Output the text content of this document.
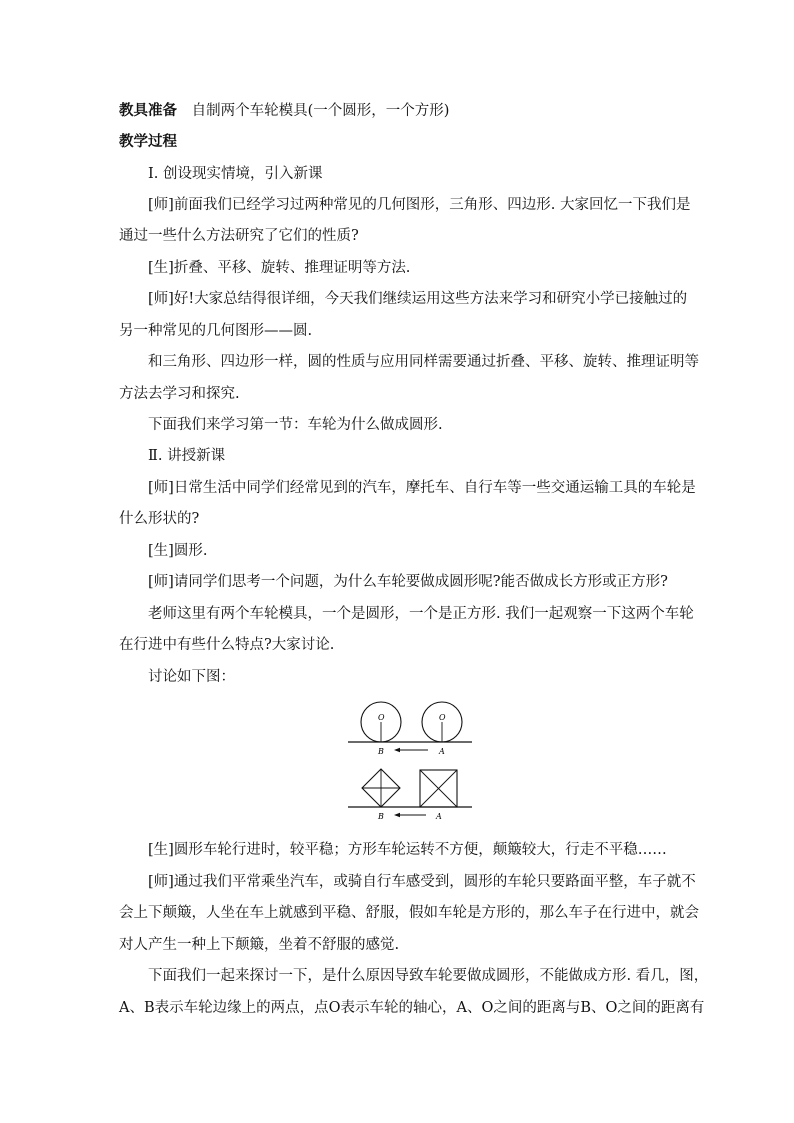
教具准备 自制两个车轮模具(一个圆形，一个方形)
教学过程
Ⅰ. 创设现实情境，引入新课
[师]前面我们已经学习过两种常见的几何图形，三角形、四边形. 大家回忆一下我们是
通过一些什么方法研究了它们的性质?
[生]折叠、平移、旋转、推理证明等方法.
[师]好!大家总结得很详细，今天我们继续运用这些方法来学习和研究小学已接触过的
另一种常见的几何图形——圆.
和三角形、四边形一样，圆的性质与应用同样需要通过折叠、平移、旋转、推理证明等
方法去学习和探究.
下面我们来学习第一节：车轮为什么做成圆形.
Ⅱ. 讲授新课
[师]日常生活中同学们经常见到的汽车，摩托车、自行车等一些交通运输工具的车轮是
什么形状的?
[生]圆形.
[师]请同学们思考一个问题，为什么车轮要做成圆形呢?能否做成长方形或正方形?
老师这里有两个车轮模具，一个是圆形，一个是正方形. 我们一起观察一下这两个车轮
在行进中有些什么特点?大家讨论.
讨论如下图：
O	O
B	A
B	A
[生]圆形车轮行进时，较平稳；方形车轮运转不方便，颠簸较大，行走不平稳……
[师]通过我们平常乘坐汽车，或骑自行车感受到，圆形的车轮只要路面平整，车子就不
会上下颠簸，人坐在车上就感到平稳、舒服，假如车轮是方形的，那么车子在行进中，就会
对人产生一种上下颠簸，坐着不舒服的感觉.
下面我们一起来探讨一下，是什么原因导致车轮要做成圆形，不能做成方形. 看几，图，
A、B表示车轮边缘上的两点，点O表示车轮的轴心，A、O之间的距离与B、O之间的距离有
